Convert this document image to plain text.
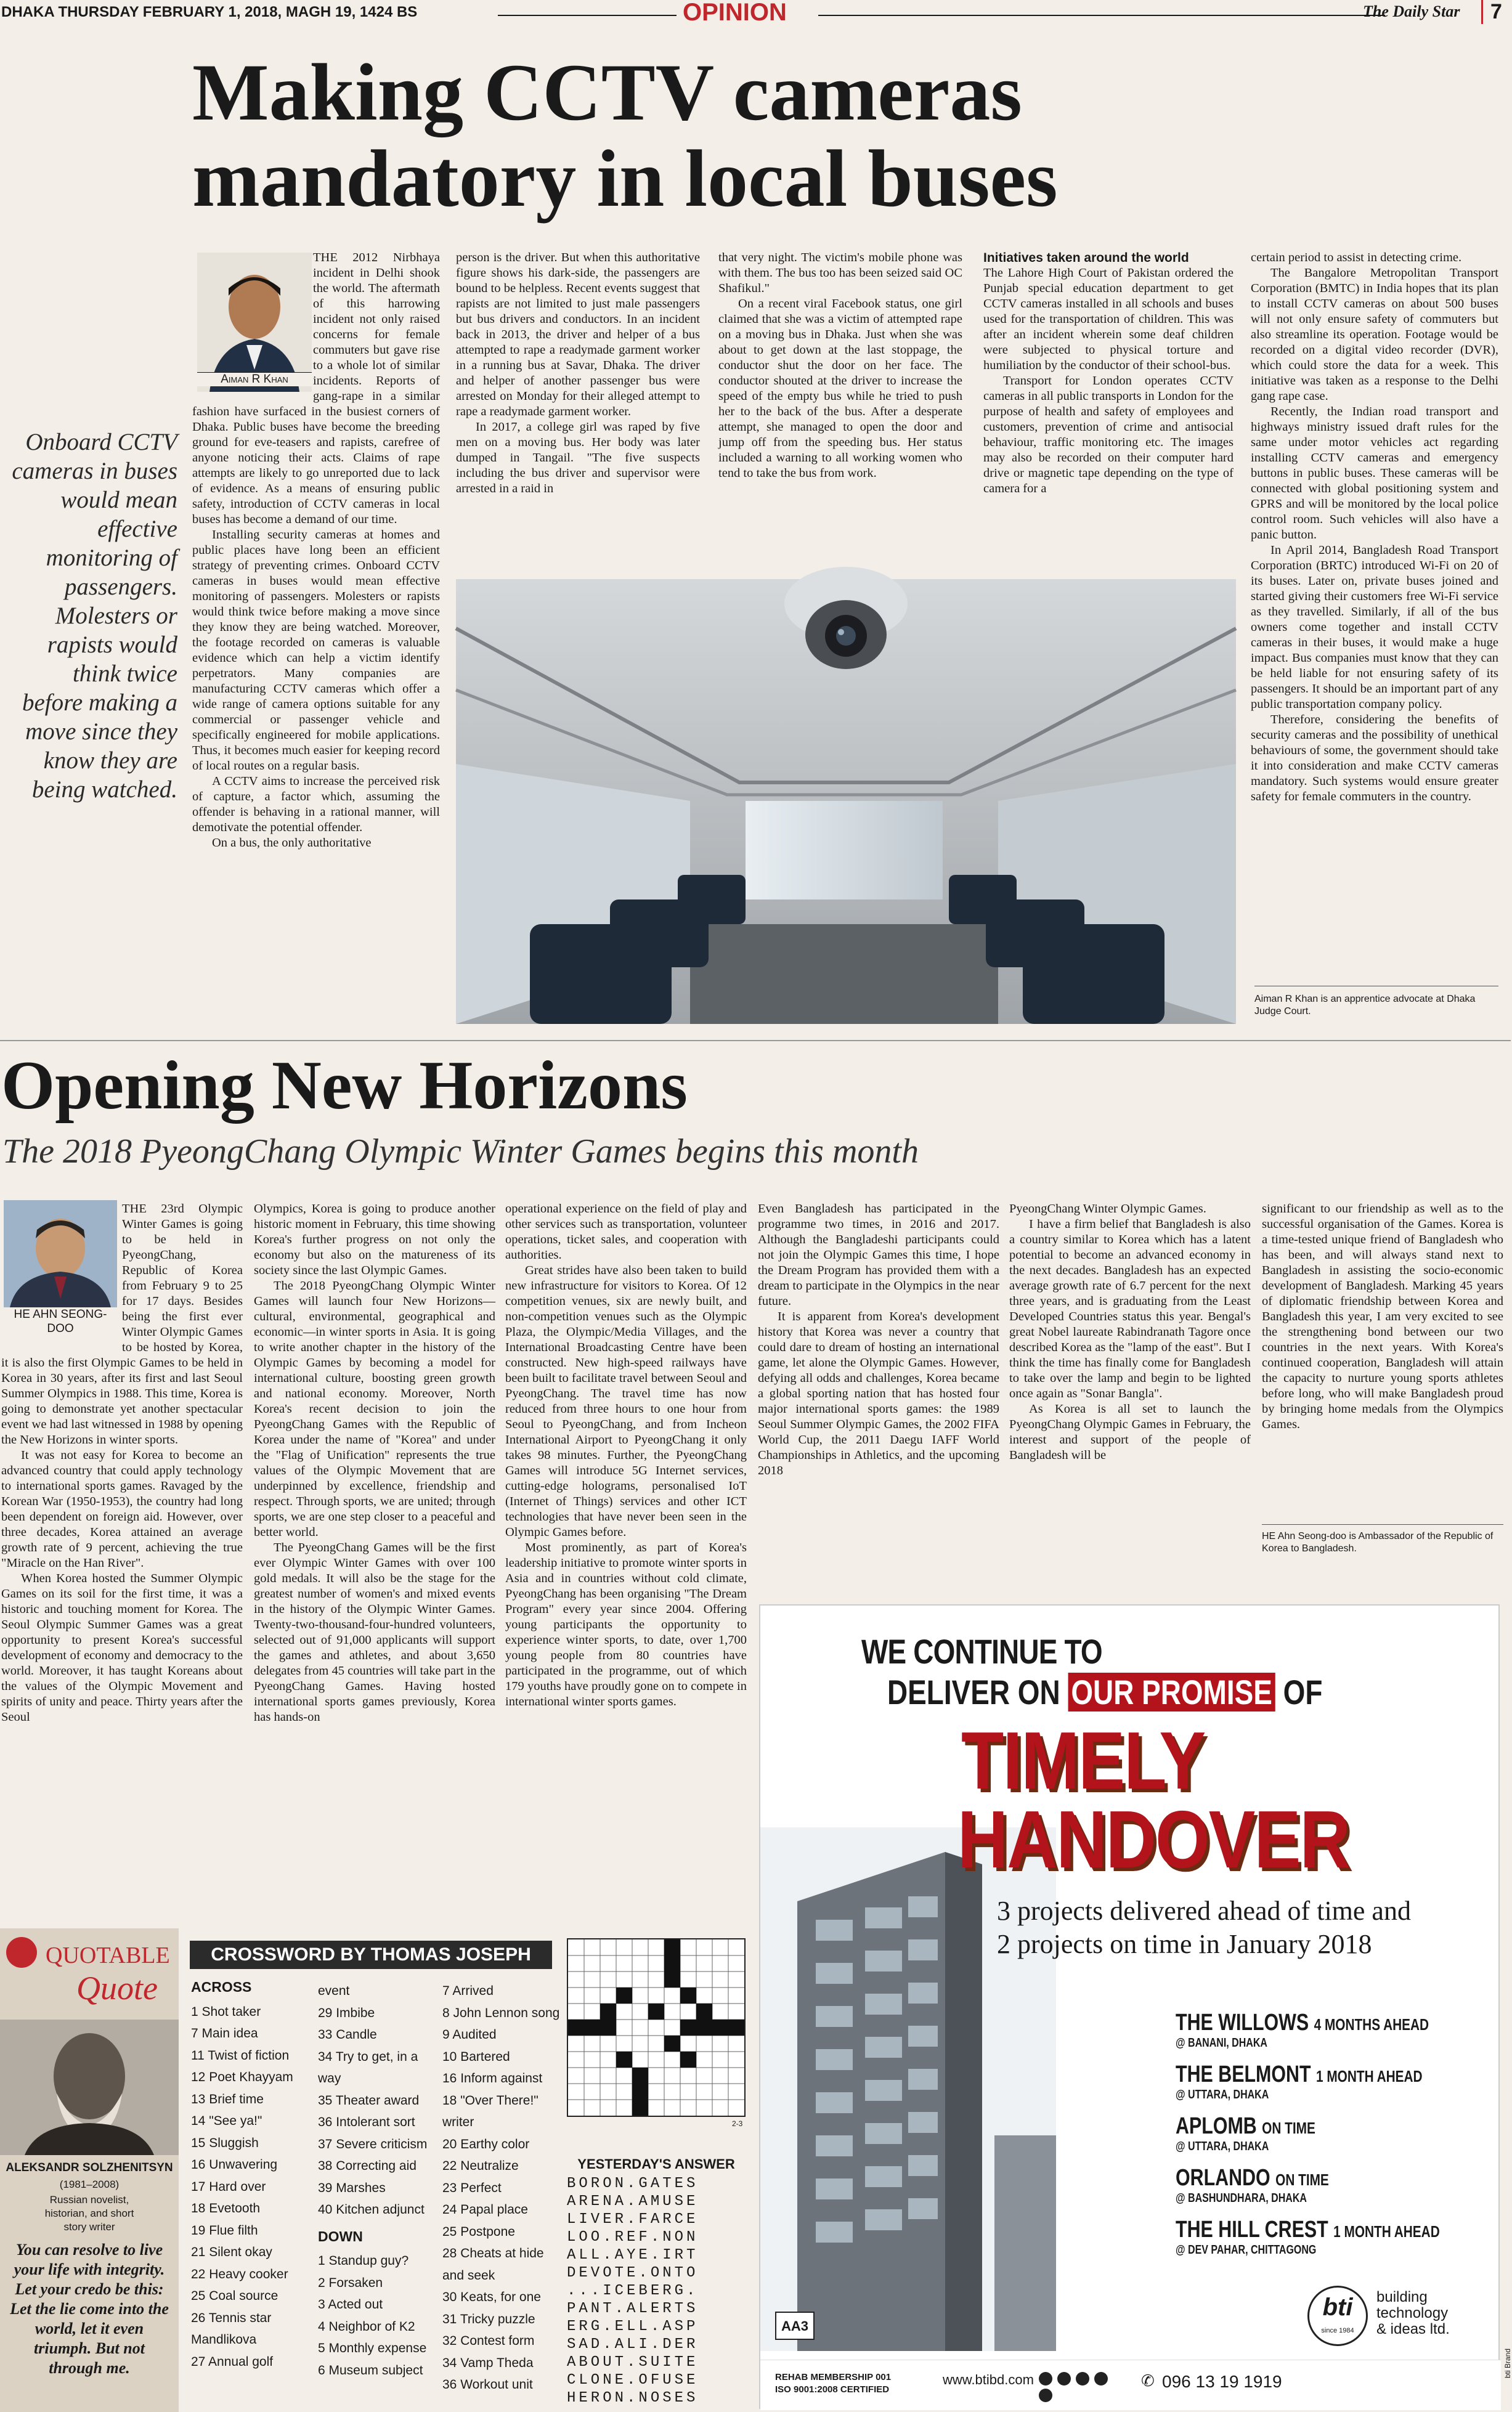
DHAKA THURSDAY FEBRUARY 1, 2018, MAGH 19, 1424 BS	OPINION	The Daily Star	7
Making CCTV cameras
mandatory in local buses
Aiman R Khan
Onboard CCTV cameras in buses would mean effective monitoring of passengers. Molesters or rapists would think twice before making a move since they know they are being watched.

THE 2012 Nirbhaya incident in Delhi shook the world. The aftermath of this harrowing incident not only raised concerns for female commuters but gave rise to a whole lot of similar incidents. Reports of gang-rape in a similar fashion have surfaced in the busiest corners of Dhaka. Public buses have become the breeding ground for eve-teasers and rapists, carefree of anyone noticing their acts. Claims of rape attempts are likely to go unreported due to lack of evidence. As a means of ensuring public safety, introduction of CCTV cameras in local buses has become a demand of our time.

Installing security cameras at homes and public places have long been an efficient strategy of preventing crimes. Onboard CCTV cameras in buses would mean effective monitoring of passengers. Molesters or rapists would think twice before making a move since they know they are being watched. Moreover, the footage recorded on cameras is valuable evidence which can help a victim identify perpetrators. Many companies are manufacturing CCTV cameras which offer a wide range of camera options suitable for any commercial or passenger vehicle and specifically engineered for mobile applications. Thus, it becomes much easier for keeping record of local routes on a regular basis.

A CCTV aims to increase the perceived risk of capture, a factor which, assuming the offender is behaving in a rational manner, will demotivate the potential offender.

On a bus, the only authoritative

person is the driver. But when this authoritative figure shows his dark-side, the passengers are bound to be helpless. Recent events suggest that rapists are not limited to just male passengers but bus drivers and conductors. In an incident back in 2013, the driver and helper of a bus attempted to rape a readymade garment worker in a running bus at Savar, Dhaka. The driver and helper of another passenger bus were arrested on Monday for their alleged attempt to rape a readymade garment worker.

In 2017, a college girl was raped by five men on a moving bus. Her body was later dumped in Tangail. "The five suspects including the bus driver and supervisor were arrested in a raid in

that very night. The victim's mobile phone was with them. The bus too has been seized said OC Shafikul."

On a recent viral Facebook status, one girl claimed that she was a victim of attempted rape on a moving bus in Dhaka. Just when she was about to get down at the last stoppage, the conductor shut the door on her face. The conductor shouted at the driver to increase the speed of the empty bus while he tried to push her to the back of the bus. After a desperate attempt, she managed to open the door and jump off from the speeding bus. Her status included a warning to all working women who tend to take the bus from work.

Initiatives taken around the world

The Lahore High Court of Pakistan ordered the Punjab special education department to get CCTV cameras installed in all schools and buses used for the transportation of children. This was after an incident wherein some deaf children were subjected to physical torture and humiliation by the conductor of their school-bus.

Transport for London operates CCTV cameras in all public transports in London for the purpose of health and safety of employees and customers, prevention of crime and antisocial behaviour, traffic monitoring etc. The images may also be recorded on their computer hard drive or magnetic tape depending on the type of camera for a

certain period to assist in detecting crime.

The Bangalore Metropolitan Transport Corporation (BMTC) in India hopes that its plan to install CCTV cameras on about 500 buses will not only ensure safety of commuters but also streamline its operation. Footage would be recorded on a digital video recorder (DVR), which could store the data for a week. This initiative was taken as a response to the Delhi gang rape case.

Recently, the Indian road transport and highways ministry issued draft rules for the same under motor vehicles act regarding installing CCTV cameras and emergency buttons in public buses. These cameras will be connected with global positioning system and GPRS and will be monitored by the local police control room. Such vehicles will also have a panic button.

In April 2014, Bangladesh Road Transport Corporation (BRTC) introduced Wi-Fi on 20 of its buses. Later on, private buses joined and started giving their customers free Wi-Fi service as they travelled. Similarly, if all of the bus owners come together and install CCTV cameras in their buses, it would make a huge impact. Bus companies must know that they can be held liable for not ensuring safety of its passengers. It should be an important part of any public transportation company policy.

Therefore, considering the benefits of security cameras and the possibility of unethical behaviours of some, the government should take it into consideration and make CCTV cameras mandatory. Such systems would ensure greater safety for female commuters in the country.

Aiman R Khan is an apprentice advocate at Dhaka Judge Court.
Opening New Horizons
The 2018 PyeongChang Olympic Winter Games begins this month
HE AHN SEONG-DOO

THE 23rd Olympic Winter Games is going to be held in PyeongChang, Republic of Korea from February 9 to 25 for 17 days. Besides being the first ever Winter Olympic Games to be hosted by Korea, it is also the first Olympic Games to be held in Korea in 30 years, after its first and last Seoul Summer Olympics in 1988. This time, Korea is going to demonstrate yet another spectacular event we had last witnessed in 1988 by opening the New Horizons in winter sports.

It was not easy for Korea to become an advanced country that could apply technology to international sports games. Ravaged by the Korean War (1950-1953), the country had long been dependent on foreign aid. However, over three decades, Korea attained an average growth rate of 9 percent, achieving the true "Miracle on the Han River".

When Korea hosted the Summer Olympic Games on its soil for the first time, it was a historic and touching moment for Korea. The Seoul Olympic Summer Games was a great opportunity to present Korea's successful development of economy and democracy to the world. Moreover, it has taught Koreans about the values of the Olympic Movement and spirits of unity and peace. Thirty years after the Seoul

Olympics, Korea is going to produce another historic moment in February, this time showing Korea's further progress on not only the economy but also on the matureness of its society since the last Olympic Games.

The 2018 PyeongChang Olympic Winter Games will launch four New Horizons—cultural, environmental, geographical and economic—in winter sports in Asia. It is going to write another chapter in the history of the Olympic Games by becoming a model for international culture, boosting green growth and national economy. Moreover, North Korea's recent decision to join the PyeongChang Games with the Republic of Korea under the name of "Korea" and under the "Flag of Unification" represents the true values of the Olympic Movement that are underpinned by excellence, friendship and respect. Through sports, we are united; through sports, we are one step closer to a peaceful and better world.

The PyeongChang Games will be the first ever Olympic Winter Games with over 100 gold medals. It will also be the stage for the greatest number of women's and mixed events in the history of the Olympic Winter Games. Twenty-two-thousand-four-hundred volunteers, selected out of 91,000 applicants will support the games and athletes, and about 3,650 delegates from 45 countries will take part in the PyeongChang Games. Having hosted international sports games previously, Korea has hands-on

operational experience on the field of play and other services such as transportation, volunteer operations, ticket sales, and cooperation with authorities.

Great strides have also been taken to build new infrastructure for visitors to Korea. Of 12 competition venues, six are newly built, and non-competition venues such as the Olympic Plaza, the Olympic/Media Villages, and the International Broadcasting Centre have been constructed. New high-speed railways have been built to facilitate travel between Seoul and PyeongChang. The travel time has now reduced from three hours to one hour from Seoul to PyeongChang, and from Incheon International Airport to PyeongChang it only takes 98 minutes. Further, the PyeongChang Games will introduce 5G Internet services, cutting-edge holograms, personalised IoT (Internet of Things) services and other ICT technologies that have never been seen in the Olympic Games before.

Most prominently, as part of Korea's leadership initiative to promote winter sports in Asia and in countries without cold climate, PyeongChang has been organising "The Dream Program" every year since 2004. Offering young participants the opportunity to experience winter sports, to date, over 1,700 young people from 80 countries have participated in the programme, out of which 179 youths have proudly gone on to compete in international winter sports games.

Even Bangladesh has participated in the programme two times, in 2016 and 2017. Although the Bangladeshi participants could not join the Olympic Games this time, I hope the Dream Program has provided them with a dream to participate in the Olympics in the near future.

It is apparent from Korea's development history that Korea was never a country that could dare to dream of hosting an international game, let alone the Olympic Games. However, defying all odds and challenges, Korea became a global sporting nation that has hosted four major international sports games: the 1989 Seoul Summer Olympic Games, the 2002 FIFA World Cup, the 2011 Daegu IAFF World Championships in Athletics, and the upcoming 2018

PyeongChang Winter Olympic Games.

I have a firm belief that Bangladesh is also a country similar to Korea which has a latent potential to become an advanced economy in the next decades. Bangladesh has an expected average growth rate of 6.7 percent for the next three years, and is graduating from the Least Developed Countries status this year. Bengal's great Nobel laureate Rabindranath Tagore once described Korea as the "lamp of the east". But I think the time has finally come for Bangladesh to take over the lamp and begin to be lighted once again as "Sonar Bangla".

As Korea is all set to launch the PyeongChang Olympic Games in February, the interest and support of the people of Bangladesh will be

significant to our friendship as well as to the successful organisation of the Games. Korea is a time-tested unique friend of Bangladesh who has been, and will always stand next to Bangladesh in assisting the socio-economic development of Bangladesh. Marking 45 years of diplomatic friendship between Korea and Bangladesh this year, I am very excited to see the strengthening bond between our two countries in the next years. With Korea's continued cooperation, Bangladesh will attain the capacity to nurture young sports athletes before long, who will make Bangladesh proud by bringing home medals from the Olympics Games.

HE Ahn Seong-doo is Ambassador of the Republic of Korea to Bangladesh.
QUOTABLE
Quote
ALEKSANDR SOLZHENITSYN
(1981–2008)
Russian novelist, historian, and short story writer
You can resolve to live your life with integrity. Let your credo be this: Let the lie come into the world, let it even triumph. But not through me.
CROSSWORD BY THOMAS JOSEPH
ACROSS
1 Shot taker
7 Main idea
11 Twist of fiction
12 Poet Khayyam
13 Brief time
14 "See ya!"
15 Sluggish
16 Unwavering
17 Hard over
18 Evetooth
19 Flue filth
21 Silent okay
22 Heavy cooker
25 Coal source
26 Tennis star
Mandlikova
27 Annual golf
event
29 Imbibe
33 Candle
34 Try to get, in a
way
35 Theater award
36 Intolerant sort
37 Severe criticism
38 Correcting aid
39 Marshes
40 Kitchen adjunct
DOWN
1 Standup guy?
2 Forsaken
3 Acted out
4 Neighbor of K2
5 Monthly expense
6 Museum subject
7 Arrived
8 John Lennon song
9 Audited
10 Bartered
16 Inform against
18 "Over There!"
writer
20 Earthy color
22 Neutralize
23 Perfect
24 Papal place
25 Postpone
28 Cheats at hide
and seek
30 Keats, for one
31 Tricky puzzle
32 Contest form
34 Vamp Theda
36 Workout unit
2-3
YESTERDAY'S ANSWER
BORON.GATES
ARENA.AMUSE
LIVER.FARCE
LOO.REF.NON
ALL.AYE.IRT
DEVOTE.ONTO
...ICEBERG.
PANT.ALERTS
ERG.ELL.ASP
SAD.ALI.DER
ABOUT.SUITE
CLONE.OFUSE
HERON.NOSES
WE CONTINUE TO
DELIVER ON OUR PROMISE OF
TIMELY
HANDOVER
3 projects delivered ahead of time and
2 projects on time in January 2018
THE WILLOWS 4 MONTHS AHEAD
@ BANANI, DHAKA
THE BELMONT 1 MONTH AHEAD
@ UTTARA, DHAKA
APLOMB ON TIME
@ UTTARA, DHAKA
ORLANDO ON TIME
@ BASHUNDHARA, DHAKA
THE HILL CREST 1 MONTH AHEAD
@ DEV PAHAR, CHITTAGONG
bti
since 1984
building
technology
& ideas ltd.
AA3
REHAB MEMBERSHIP 001
ISO 9001:2008 CERTIFIED
www.btibd.com
	✆ 096 13 19 1919
bti Brand
